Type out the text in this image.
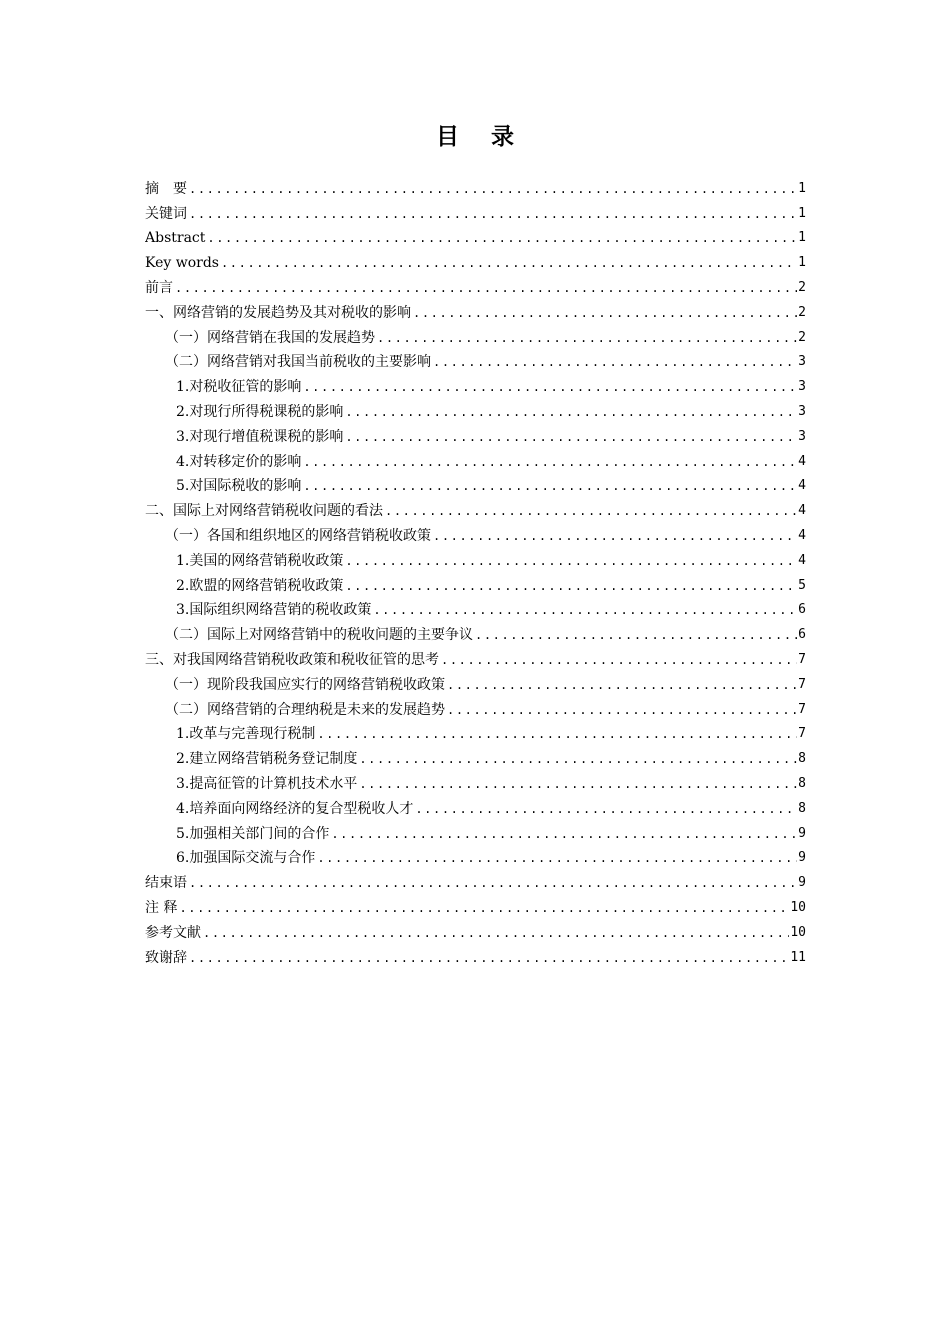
目 录
摘　要 .....	1
关键词 .....	1
Abstract .....	1
Key words .....	1
前言 .....	2
一、网络营销的发展趋势及其对税收的影响 .....	2
（一）网络营销在我国的发展趋势 .....	2
（二）网络营销对我国当前税收的主要影响 .....	3
1.对税收征管的影响 .....	3
2.对现行所得税课税的影响 .....	3
3.对现行增值税课税的影响 .....	3
4.对转移定价的影响 .....	4
5.对国际税收的影响 .....	4
二、国际上对网络营销税收问题的看法 .....	4
（一）各国和组织地区的网络营销税收政策 .....	4
1.美国的网络营销税收政策 .....	4
2.欧盟的网络营销税收政策 .....	5
3.国际组织网络营销的税收政策 .....	6
（二）国际上对网络营销中的税收问题的主要争议 .....	6
三、对我国网络营销税收政策和税收征管的思考 .....	7
（一）现阶段我国应实行的网络营销税收政策 .....	7
（二）网络营销的合理纳税是未来的发展趋势 .....	7
1.改革与完善现行税制 .....	7
2.建立网络营销税务登记制度 .....	8
3.提高征管的计算机技术水平 .....	8
4.培养面向网络经济的复合型税收人才 .....	8
5.加强相关部门间的合作 .....	9
6.加强国际交流与合作 .....	9
结束语 .....	9
注 释 .....	10
参考文献 .....	10
致谢辞 .....	11
